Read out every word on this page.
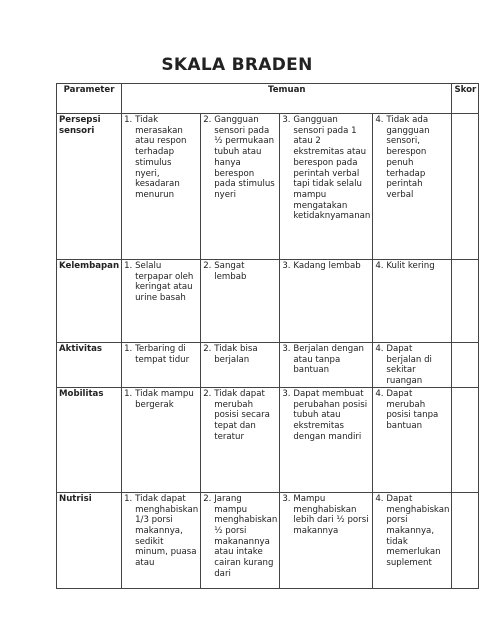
SKALA BRADEN
Parameter	Temuan				Skor
Persepsi sensori	1. Tidak merasakan atau respon terhadap stimulus nyeri, kesadaran menurun	2. Gangguan sensori pada ½ permukaan tubuh atau hanya berespon pada stimulus nyeri	3. Gangguan sensori pada 1 atau 2 ekstremitas atau berespon pada perintah verbal tapi tidak selalu mampu mengatakan ketidaknyamanan	4. Tidak ada gangguan sensori, berespon penuh terhadap perintah verbal	

Kelembapan	1. Selalu terpapar oleh keringat atau urine basah	2. Sangat lembab	3. Kadang lembab	4. Kulit kering	

Aktivitas	1. Terbaring di tempat tidur	2. Tidak bisa berjalan	3. Berjalan dengan atau tanpa bantuan	4. Dapat berjalan di sekitar ruangan	

Mobilitas	1. Tidak mampu bergerak	2. Tidak dapat merubah posisi secara tepat dan teratur	3. Dapat membuat perubahan posisi tubuh atau ekstremitas dengan mandiri	4. Dapat merubah posisi tanpa bantuan	

Nutrisi	1. Tidak dapat menghabiskan 1/3 porsi makannya, sedikit minum, puasa atau	2. Jarang mampu menghabiskan ½ porsi makanannya atau intake cairan kurang dari	3. Mampu menghabiskan lebih dari ½ porsi makannya	4. Dapat menghabiskan porsi makannya, tidak memerlukan suplement	
